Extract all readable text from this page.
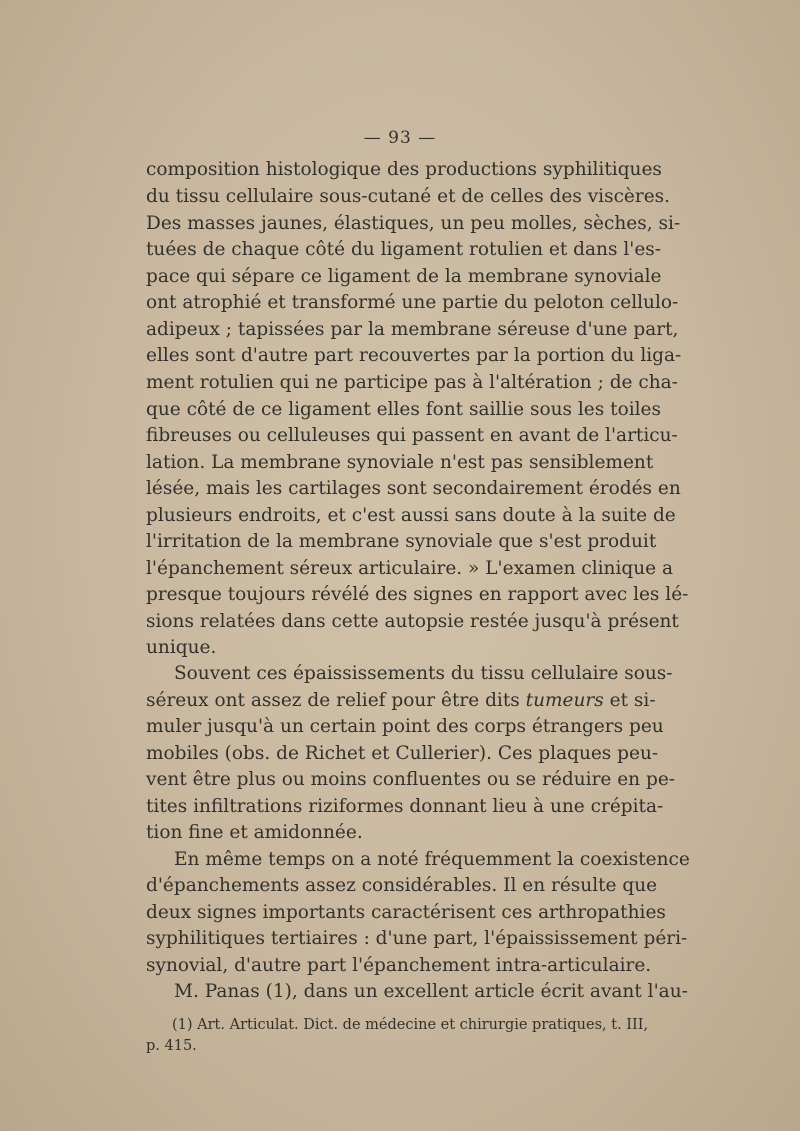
— 93 —
composition histologique des productions syphilitiques
du tissu cellulaire sous-cutané et de celles des viscères.
Des masses jaunes, élastiques, un peu molles, sèches, si-
tuées de chaque côté du ligament rotulien et dans l'es-
pace qui sépare ce ligament de la membrane synoviale
ont atrophié et transformé une partie du peloton cellulo-
adipeux ; tapissées par la membrane séreuse d'une part,
elles sont d'autre part recouvertes par la portion du liga-
ment rotulien qui ne participe pas à l'altération ; de cha-
que côté de ce ligament elles font saillie sous les toiles
fibreuses ou celluleuses qui passent en avant de l'articu-
lation. La membrane synoviale n'est pas sensiblement
lésée, mais les cartilages sont secondairement érodés en
plusieurs endroits, et c'est aussi sans doute à la suite de
l'irritation de la membrane synoviale que s'est produit
l'épanchement séreux articulaire. » L'examen clinique a
presque toujours révélé des signes en rapport avec les lé-
sions relatées dans cette autopsie restée jusqu'à présent
unique.
Souvent ces épaississements du tissu cellulaire sous-
séreux ont assez de relief pour être dits tumeurs et si-
muler jusqu'à un certain point des corps étrangers peu
mobiles (obs. de Richet et Cullerier). Ces plaques peu-
vent être plus ou moins confluentes ou se réduire en pe-
tites infiltrations riziformes donnant lieu à une crépita-
tion fine et amidonnée.
En même temps on a noté fréquemment la coexistence
d'épanchements assez considérables. Il en résulte que
deux signes importants caractérisent ces arthropathies
syphilitiques tertiaires : d'une part, l'épaississement péri-
synovial, d'autre part l'épanchement intra-articulaire.
M. Panas (1), dans un excellent article écrit avant l'au-
(1) Art. Articulat. Dict. de médecine et chirurgie pratiques, t. III,
p. 415.
